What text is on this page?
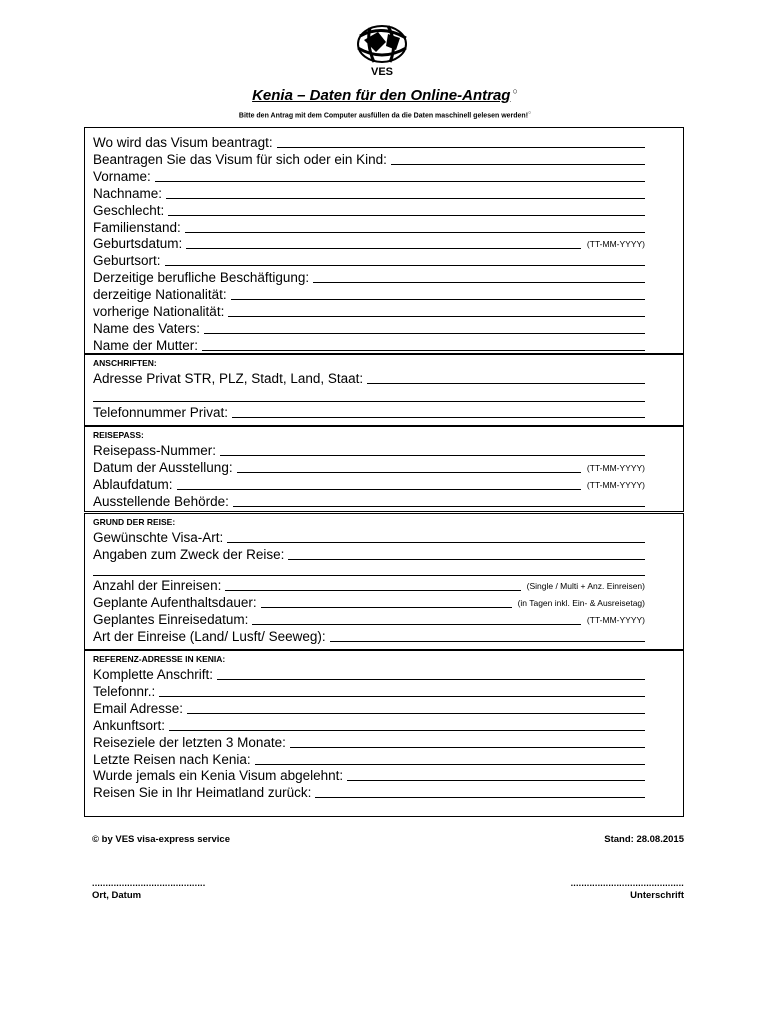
VES
Kenia – Daten für den Online-Antrag ○
Bitte den Antrag mit dem Computer ausfüllen da die Daten maschinell gelesen werden!○
Wo wird das Visum beantragt:
Beantragen Sie das Visum für sich oder ein Kind:
Vorname:
Nachname:
Geschlecht:
Familienstand:
Geburtsdatum:	(TT-MM-YYYY)
Geburtsort:
Derzeitige berufliche Beschäftigung:
derzeitige Nationalität:
vorherige Nationalität:
Name des Vaters:
Name der Mutter:
ANSCHRIFTEN:
Adresse Privat STR, PLZ, Stadt, Land, Staat:
Telefonnummer Privat:
REISEPASS:
Reisepass-Nummer:
Datum der Ausstellung:	(TT-MM-YYYY)
Ablaufdatum:	(TT-MM-YYYY)
Ausstellende Behörde:
GRUND DER REISE:
Gewünschte Visa-Art:
Angaben zum Zweck der Reise:
Anzahl der Einreisen:	(Single / Multi + Anz. Einreisen)
Geplante Aufenthaltsdauer:	(in Tagen inkl. Ein- & Ausreisetag)
Geplantes Einreisedatum:	(TT-MM-YYYY)
Art der Einreise (Land/ Lusft/ Seeweg):
REFERENZ-ADRESSE IN KENIA:
Komplette Anschrift:
Telefonnr.:
Email Adresse:
Ankunftsort:
Reiseziele der letzten 3 Monate:
Letzte Reisen nach Kenia:
Wurde jemals ein Kenia Visum abgelehnt:
Reisen Sie in Ihr Heimatland zurück:
© by VES visa-express service	Stand: 28.08.2015
..........................................	..........................................
Ort, Datum	Unterschrift
